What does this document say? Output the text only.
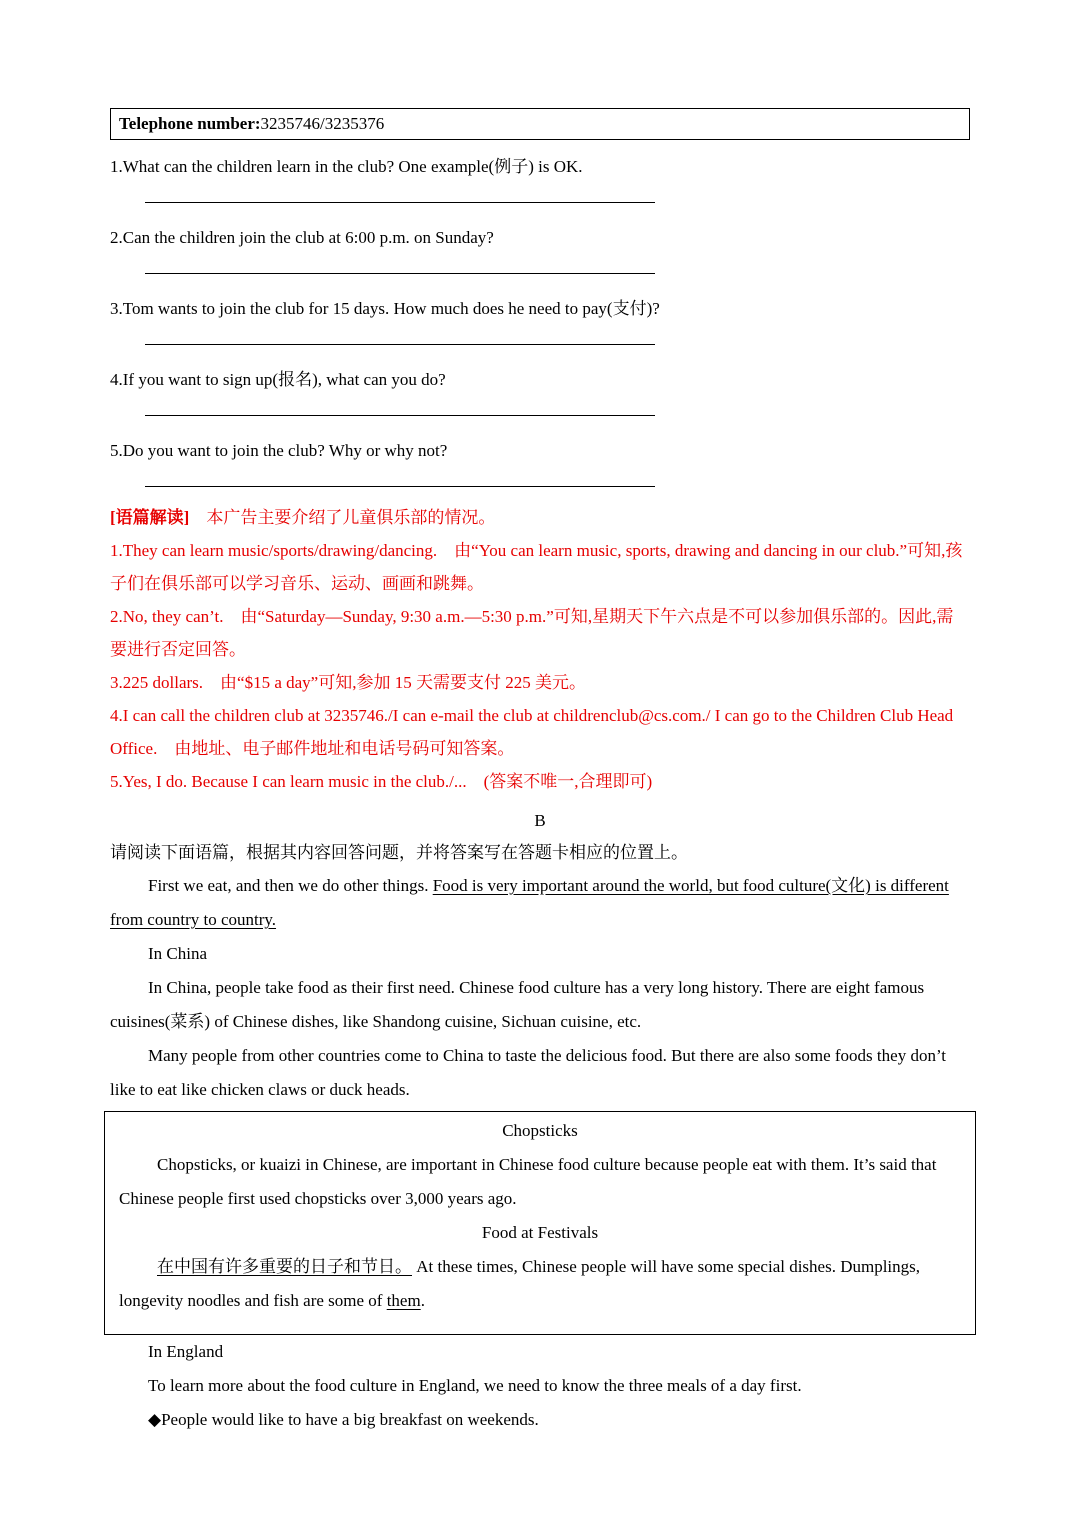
Telephone number:3235746/3235376

1.What can the children learn in the club? One example(例子) is OK.

2.Can the children join the club at 6:00 p.m. on Sunday?

3.Tom wants to join the club for 15 days. How much does he need to pay(支付)?

4.If you want to sign up(报名), what can you do?

5.Do you want to join the club? Why or why not?

[语篇解读]　本广告主要介绍了儿童俱乐部的情况。

1.They can learn music/sports/drawing/dancing.　由“You can learn music, sports, drawing and dancing in our club.”可知,孩子们在俱乐部可以学习音乐、运动、画画和跳舞。

2.No, they can’t.　由“Saturday—Sunday, 9:30 a.m.—5:30 p.m.”可知,星期天下午六点是不可以参加俱乐部的。因此,需要进行否定回答。

3.225 dollars.　由“$15 a day”可知,参加 15 天需要支付 225 美元。

4.I can call the children club at 3235746./I can e-mail the club at childrenclub@cs.com./ I can go to the Children Club Head Office.　由地址、电子邮件地址和电话号码可知答案。

5.Yes, I do. Because I can learn music in the club./...　(答案不唯一,合理即可)

B

请阅读下面语篇，根据其内容回答问题，并将答案写在答题卡相应的位置上。

First we eat, and then we do other things. Food is very important around the world, but food culture(文化) is different from country to country.

In China

In China, people take food as their first need. Chinese food culture has a very long history. There are eight famous cuisines(菜系) of Chinese dishes, like Shandong cuisine, Sichuan cuisine, etc.

Many people from other countries come to China to taste the delicious food. But there are also some foods they don’t like to eat like chicken claws or duck heads.

Chopsticks

Chopsticks, or kuaizi in Chinese, are important in Chinese food culture because people eat with them. It’s said that Chinese people first used chopsticks over 3,000 years ago.

Food at Festivals

在中国有许多重要的日子和节日。 At these times, Chinese people will have some special dishes. Dumplings, longevity noodles and fish are some of them.

In England

To learn more about the food culture in England, we need to know the three meals of a day first.

◆People would like to have a big breakfast on weekends.
